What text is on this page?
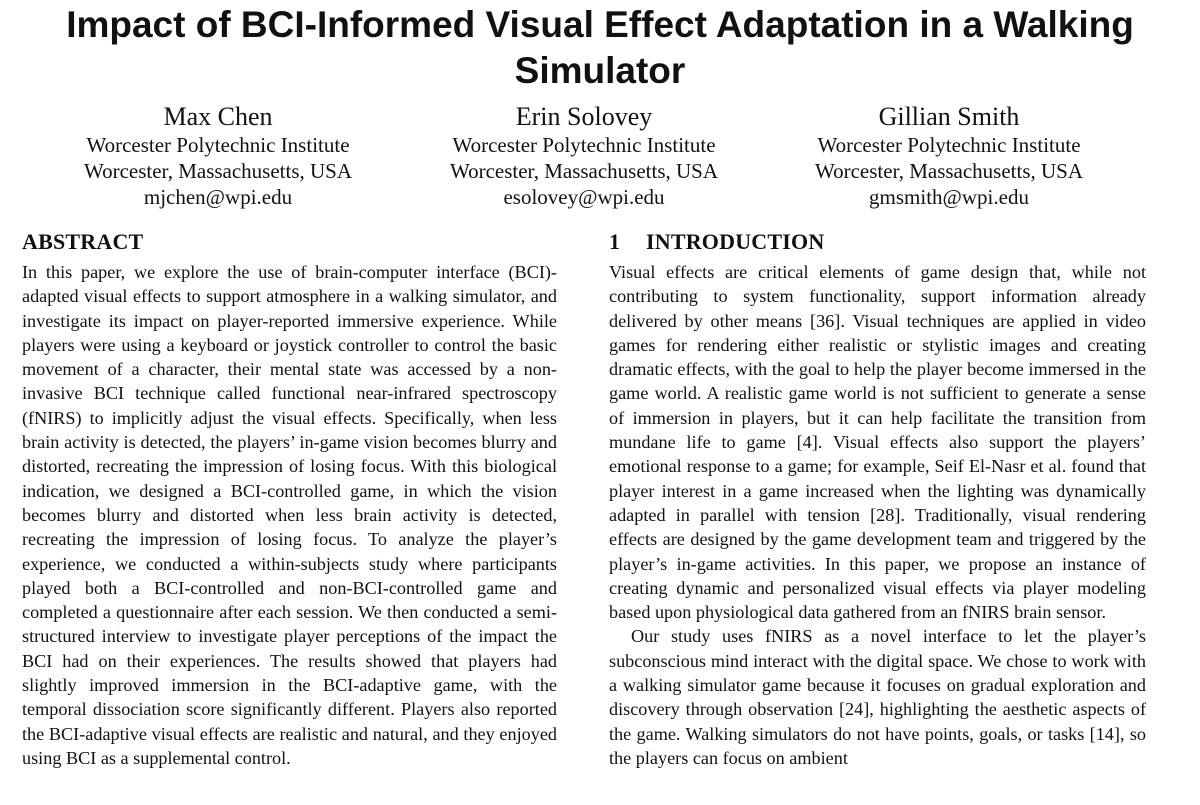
Impact of BCI-Informed Visual Effect Adaptation in a Walking Simulator
Max Chen
Worcester Polytechnic Institute
Worcester, Massachusetts, USA
mjchen@wpi.edu
Erin Solovey
Worcester Polytechnic Institute
Worcester, Massachusetts, USA
esolovey@wpi.edu
Gillian Smith
Worcester Polytechnic Institute
Worcester, Massachusetts, USA
gmsmith@wpi.edu
ABSTRACT

In this paper, we explore the use of brain-computer interface (BCI)-adapted visual effects to support atmosphere in a walking simulator, and investigate its impact on player-reported immersive experience. While players were using a keyboard or joystick controller to control the basic movement of a character, their mental state was accessed by a non-invasive BCI technique called functional near-infrared spectroscopy (fNIRS) to implicitly adjust the visual effects. Specifically, when less brain activity is detected, the players’ in-game vision becomes blurry and distorted, recreating the impression of losing focus. With this biological indication, we designed a BCI-controlled game, in which the vision becomes blurry and distorted when less brain activity is detected, recreating the impression of losing focus. To analyze the player’s experience, we conducted a within-subjects study where participants played both a BCI-controlled and non-BCI-controlled game and completed a questionnaire after each session. We then conducted a semi-structured interview to investigate player perceptions of the impact the BCI had on their experiences. The results showed that players had slightly improved immersion in the BCI-adaptive game, with the temporal dissociation score significantly different. Players also reported the BCI-adaptive visual effects are realistic and natural, and they enjoyed using BCI as a supplemental control.

1 INTRODUCTION

Visual effects are critical elements of game design that, while not contributing to system functionality, support information already delivered by other means [36]. Visual techniques are applied in video games for rendering either realistic or stylistic images and creating dramatic effects, with the goal to help the player become immersed in the game world. A realistic game world is not sufficient to generate a sense of immersion in players, but it can help facilitate the transition from mundane life to game [4]. Visual effects also support the players’ emotional response to a game; for example, Seif El-Nasr et al. found that player interest in a game increased when the lighting was dynamically adapted in parallel with tension [28]. Traditionally, visual rendering effects are designed by the game development team and triggered by the player’s in-game activities. In this paper, we propose an instance of creating dynamic and personalized visual effects via player modeling based upon physiological data gathered from an fNIRS brain sensor.

Our study uses fNIRS as a novel interface to let the player’s subconscious mind interact with the digital space. We chose to work with a walking simulator game because it focuses on gradual exploration and discovery through observation [24], highlighting the aesthetic aspects of the game. Walking simulators do not have points, goals, or tasks [14], so the players can focus on ambient
